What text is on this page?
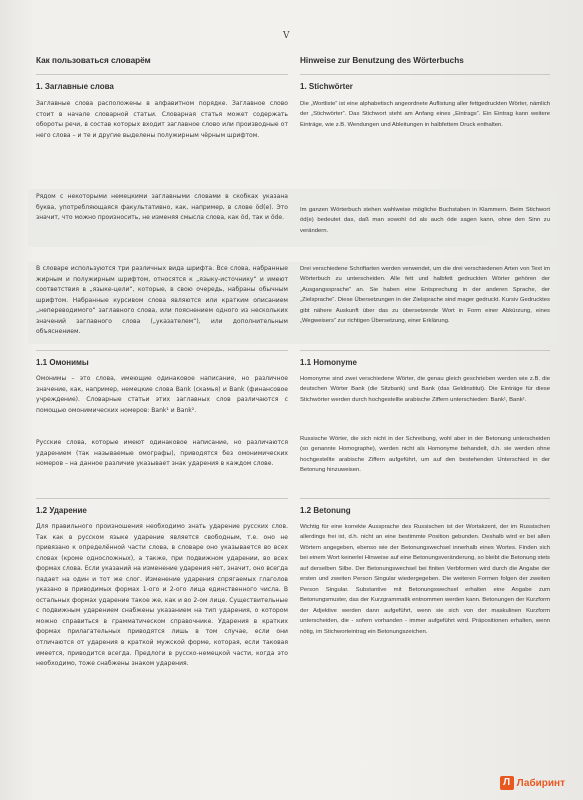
V
Как пользоваться словарём
1. Заглавные слова

Заглавные слова расположены в алфавитном порядке. Заглавное слово стоит в начале словарной статьи. Словарная статья может содержать обороты речи, в состав которых входит заглавное слово или производные от него слова – и те и другие выделены полужирным чёрным шрифтом.

Рядом с некоторыми немецкими заглавными словами в скобках указана буква, употребляющаяся факультативно, как, например, в слове öd(e). Это значит, что можно произносить, не изменяя смысла слова, как öd, так и öde.

В словаре используются три различных вида шрифта. Все слова, набранные жирным и полужирным шрифтом, относятся к „языку-источнику“ и имеют соответствия в „языке-цели“, которые, в свою очередь, набраны обычным шрифтом. Набранные курсивом слова являются или кратким описанием „непереводимого“ заглавного слова, или пояснением одного из нескольких значений заглавного слова („указателем“), или дополнительным объяснением.

1.1 Омонимы

Омонимы – это слова, имеющие одинаковое написание, но различное значение, как, например, немецкие слова Bank (скамья) и Bank (финансовое учреждение). Словарные статьи этих заглавных слов различаются с помощью омонимических номеров: Bank¹ и Bank².

Русские слова, которые имеют одинаковое написание, но различаются ударением (так называемые омографы), приводятся без омонимических номеров – на данное различие указывает знак ударения в каждом слове.

1.2 Ударение

Для правильного произношения необходимо знать ударение русских слов. Так как в русском языке ударение является свободным, т.е. оно не привязано к определённой части слова, в словаре оно указывается во всех словах (кроме односложных), а также, при подвижном ударении, во всех формах слова. Если указаний на изменение ударения нет, значит, оно всегда падает на один и тот же слог. Изменение ударения спрягаемых глаголов указано в приводимых формах 1-ого и 2-ого лица единственного числа. В остальных формах ударение такое же, как и во 2-ом лице. Существительные с подвижным ударением снабжены указанием на тип ударения, о котором можно справиться в грамматическом справочнике. Ударения в кратких формах прилагательных приводятся лишь в том случае, если они отличаются от ударения в краткой мужской форме, которая, если таковая имеется, приводится всегда. Предлоги в русско-немецкой части, когда это необходимо, тоже снабжены знаком ударения.

Hinweise zur Benutzung des Wörterbuchs
1. Stichwörter

Die „Wortliste“ ist eine alphabetisch angeordnete Auflistung aller fettgedruckten Wörter, nämlich der „Stichwörter“. Das Stichwort steht am Anfang eines „Eintrags“. Ein Eintrag kann weitere Einträge, wie z.B. Wendungen und Ableitungen in halbfettem Druck enthalten.

Im ganzen Wörterbuch stehen wahlweise mögliche Buchstaben in Klammern. Beim Stichwort öd(e) bedeutet das, daß man sowohl öd als auch öde sagen kann, ohne den Sinn zu verändern.

Drei verschiedene Schriftarten werden verwendet, um die drei verschiedenen Arten von Text im Wörterbuch zu unterscheiden. Alle fett und halbfett gedruckten Wörter gehören der „Ausgangssprache“ an. Sie haben eine Entsprechung in der anderen Sprache, der „Zielsprache“. Diese Übersetzungen in der Zielsprache sind mager gedruckt. Kursiv Gedrucktes gibt nähere Auskunft über das zu übersetzende Wort in Form einer Abkürzung, eines „Wegweisers“ zur richtigen Übersetzung, einer Erklärung.

1.1 Homonyme

Homonyme sind zwei verschiedene Wörter, die genau gleich geschrieben werden wie z.B. die deutschen Wörter Bank (die Sitzbank) und Bank (das Geldinstitut). Die Einträge für diese Stichwörter werden durch hochgestellte arabische Ziffern unterschieden: Bank¹, Bank².

Russische Wörter, die sich nicht in der Schreibung, wohl aber in der Betonung unterscheiden (so genannte Homographe), werden nicht als Homonyme behandelt, d.h. sie werden ohne hochgestellte arabische Ziffern aufgeführt, um auf den bestehenden Unterschied in der Betonung hinzuweisen.

1.2 Betonung

Wichtig für eine korrekte Aussprache des Russischen ist der Wortakzent, der im Russischen allerdings frei ist, d.h. nicht an eine bestimmte Position gebunden. Deshalb wird er bei allen Wörtern angegeben, ebenso wie der Betonungswechsel innerhalb eines Wortes. Finden sich bei einem Wort keinerlei Hinweise auf eine Betonungsveränderung, so bleibt die Betonung stets auf derselben Silbe. Der Betonungswechsel bei finiten Verbformen wird durch die Angabe der ersten und zweiten Person Singular wiedergegeben. Die weiteren Formen folgen der zweiten Person Singular. Substantive mit Betonungswechsel erhalten eine Angabe zum Betonungsmuster, das der Kurzgrammatik entnommen werden kann. Betonungen der Kurzform der Adjektive werden dann aufgeführt, wenn sie sich von der maskulinen Kurzform unterscheiden, die - sofern vorhanden - immer aufgeführt wird. Präpositionen erhalten, wenn nötig, im Stichworteintrag ein Betonungszeichen.

Л Лабиринт
